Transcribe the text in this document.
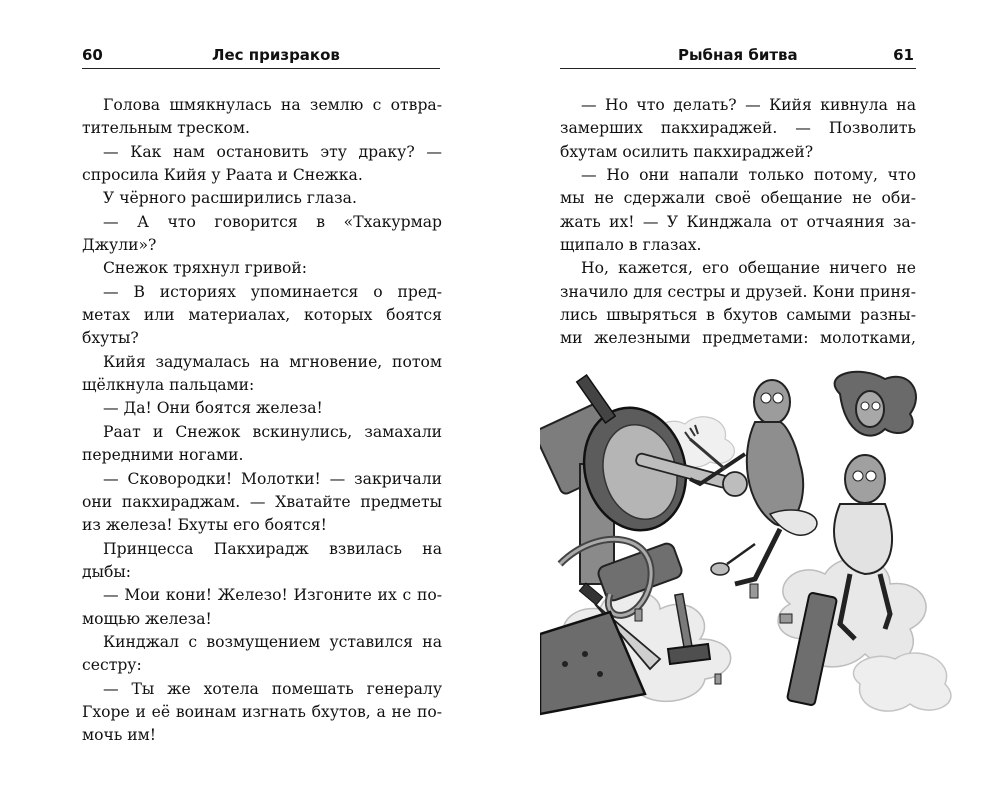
60	Лес призраков
Голова шмякнулась на землю с отвра-
тительным треском.
— Как нам остановить эту драку? —
спросила Кийя у Раата и Снежка.
У чёрного расширились глаза.
— А что говорится в «Тхакурмар
Джули»?
Снежок тряхнул гривой:
— В историях упоминается о пред-
метах или материалах, которых боятся
бхуты?
Кийя задумалась на мгновение, потом
щёлкнула пальцами:
— Да! Они боятся железа!
Раат и Снежок вскинулись, замахали
передними ногами.
— Сковородки! Молотки! — закричали
они пакхираджам. — Хватайте предметы
из железа! Бхуты его боятся!
Принцесса Пакхирадж взвилась на
дыбы:
— Мои кони! Железо! Изгоните их с по-
мощью железа!
Кинджал с возмущением уставился на
сестру:
— Ты же хотела помешать генералу
Гхоре и её воинам изгнать бхутов, а не по-
мочь им!
Рыбная битва	61
— Но что делать? — Кийя кивнула на
замерших пакхираджей. — Позволить
бхутам осилить пакхираджей?
— Но они напали только потому, что
мы не сдержали своё обещание не оби-
жать их! — У Кинджала от отчаяния за-
щипало в глазах.
Но, кажется, его обещание ничего не
значило для сестры и друзей. Кони приня-
лись швыряться в бхутов самыми разны-
ми железными предметами: молотками,
